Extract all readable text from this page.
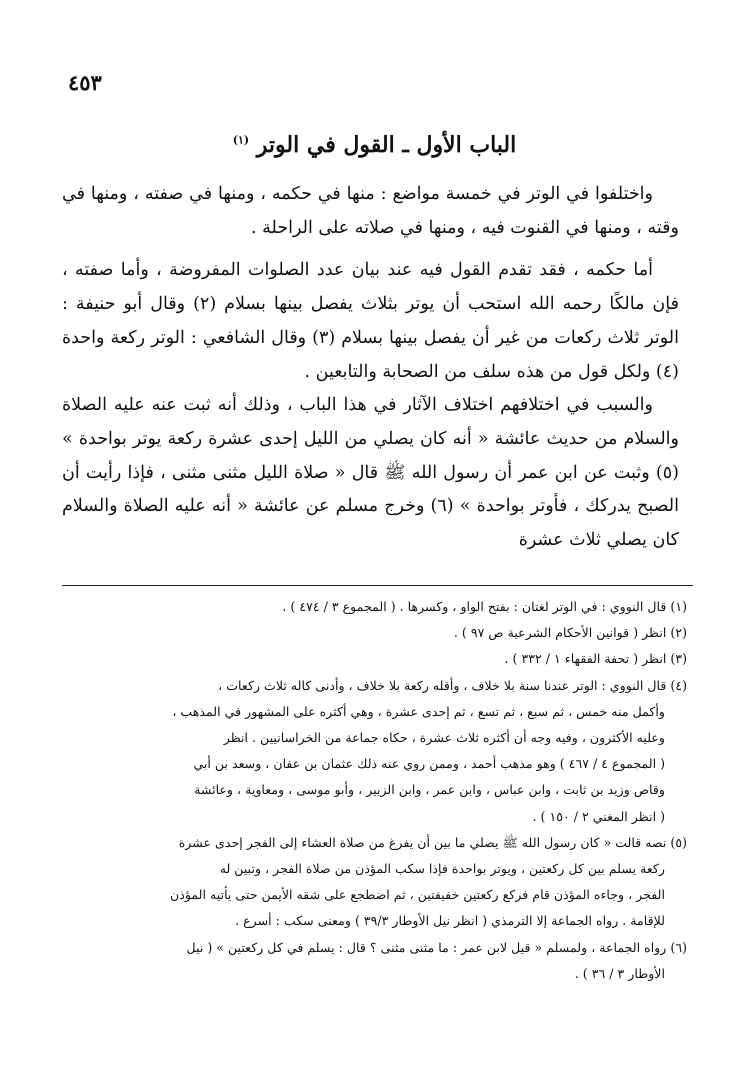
٤٥٣
الباب الأول ـ القول في الوتر $^{(١)}$

واختلفوا في الوتر في خمسة مواضع : منها في حكمه ، ومنها في صفته ، ومنها في وقته ، ومنها في القنوت فيه ، ومنها في صلاته على الراحلة .

أما حكمه ، فقد تقدم القول فيه عند بيان عدد الصلوات المفروضة ، وأما صفته ، فإن مالكًا رحمه الله استحب أن يوتر بثلاث يفصل بينها بسلام (٢) وقال أبو حنيفة : الوتر ثلاث ركعات من غير أن يفصل بينها بسلام (٣) وقال الشافعي : الوتر ركعة واحدة (٤) ولكل قول من هذه سلف من الصحابة والتابعين .

والسبب في اختلافهم اختلاف الآثار في هذا الباب ، وذلك أنه ثبت عنه عليه الصلاة والسلام من حديث عائشة « أنه كان يصلي من الليل إحدى عشرة ركعة يوتر بواحدة » (٥) وثبت عن ابن عمر أن رسول الله ﷺ قال « صلاة الليل مثنى مثنى ، فإذا رأيت أن الصبح يدركك ، فأوتر بواحدة » (٦) وخرج مسلم عن عائشة « أنه عليه الصلاة والسلام كان يصلي ثلاث عشرة

(١) قال النووي : في الوتر لغتان : بفتح الواو ، وكسرها . ( المجموع ٣ / ٤٧٤ ) .

(٢) انظر ( قوانين الأحكام الشرعية ص ٩٧ ) .

(٣) انظر ( تحفة الفقهاء ١ / ٣٣٢ ) .

(٤) قال النووي : الوتر عندنا سنة بلا خلاف ، وأقله ركعة بلا خلاف ، وأدنى كاله ثلاث ركعات ،

وأكمل منه خمس ، ثم سبع ، ثم تسع ، ثم إحدى عشرة ، وهي أكثره على المشهور في المذهب ،

وعليه الأكثرون ، وفيه وجه أن أكثره ثلاث عشرة ، حكاه جماعة من الخراسانيين . انظر

( المجموع ٤ / ٤٦٧ ) وهو مذهب أحمد ، وممن روي عنه ذلك عثمان بن عفان ، وسعد بن أبي

وقاص وزيد بن ثابت ، وابن عباس ، وابن عمر ، وابن الزبير ، وأبو موسى ، ومعاوية ، وعائشة

( انظر المغني ٢ / ١٥٠ ) .

(٥) نصه قالت « كان رسول الله ﷺ يصلي ما بين أن يفرغ من صلاة العشاء إلى الفجر إحدى عشرة

ركعة يسلم بين كل ركعتين ، ويوتر بواحدة فإذا سكب المؤذن من صلاة الفجر ، وتبين له

الفجر ، وجاءه المؤذن قام فركع ركعتين خفيفتين ، ثم اضطجع على شقه الأيمن حتى يأتيه المؤذن

للإقامة . رواه الجماعة إلا الترمذي ( انظر نيل الأوطار ٣٩/٣ ) ومعنى سكب : أسرع .

(٦) رواه الجماعة ، ولمسلم « قيل لابن عمر : ما مثنى مثنى ؟ قال : يسلم في كل ركعتين » ( نيل

الأوطار ٣ / ٣٦ ) .
